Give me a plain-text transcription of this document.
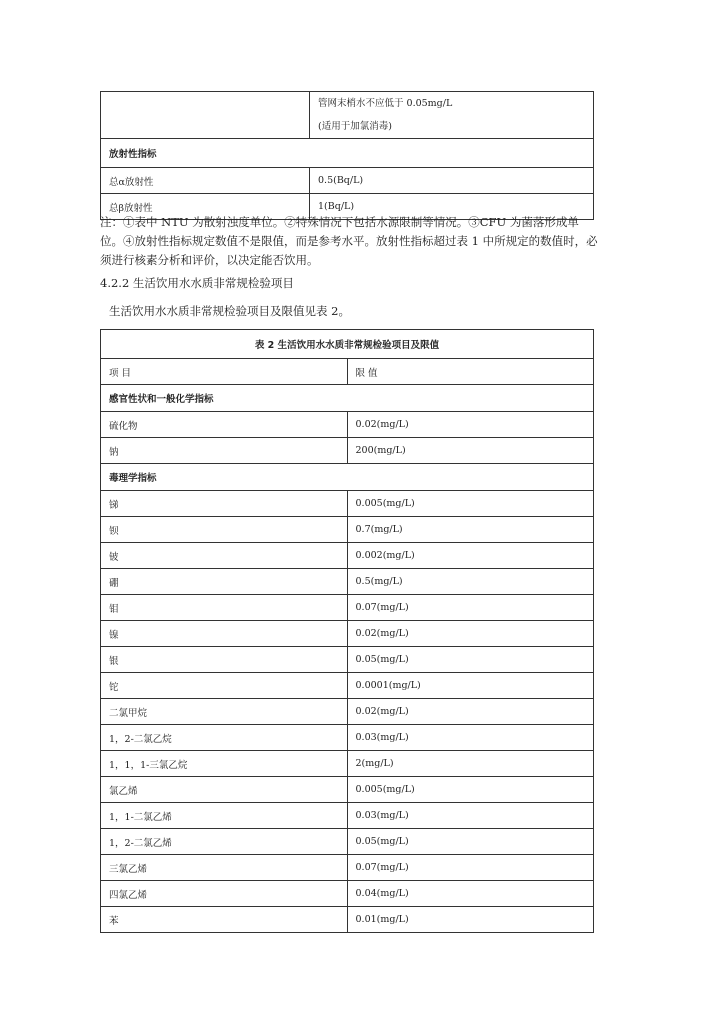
	管网末梢水不应低于 0.05mg/L
(适用于加氯消毒)

放射性指标	
总α放射性	0.5(Bq/L)
总β放射性	1(Bq/L)
注：①表中 NTU 为散射浊度单位。②特殊情况下包括水源限制等情况。③CFU 为菌落形成单位。④放射性指标规定数值不是限值，而是参考水平。放射性指标超过表 1 中所规定的数值时，必须进行核素分析和评价，以决定能否饮用。
4.2.2 生活饮用水水质非常规检验项目
生活饮用水水质非常规检验项目及限值见表 2。
表 2 生活饮用水水质非常规检验项目及限值	
项 目	限 值
感官性状和一般化学指标	
硫化物	0.02(mg/L)
钠	200(mg/L)
毒理学指标	
锑	0.005(mg/L)
钡	0.7(mg/L)
铍	0.002(mg/L)
硼	0.5(mg/L)
钼	0.07(mg/L)
镍	0.02(mg/L)
银	0.05(mg/L)
铊	0.0001(mg/L)
二氯甲烷	0.02(mg/L)
1，2-二氯乙烷	0.03(mg/L)
1，1，1-三氯乙烷	2(mg/L)
氯乙烯	0.005(mg/L)
1，1-二氯乙烯	0.03(mg/L)
1，2-二氯乙烯	0.05(mg/L)
三氯乙烯	0.07(mg/L)
四氯乙烯	0.04(mg/L)
苯	0.01(mg/L)
